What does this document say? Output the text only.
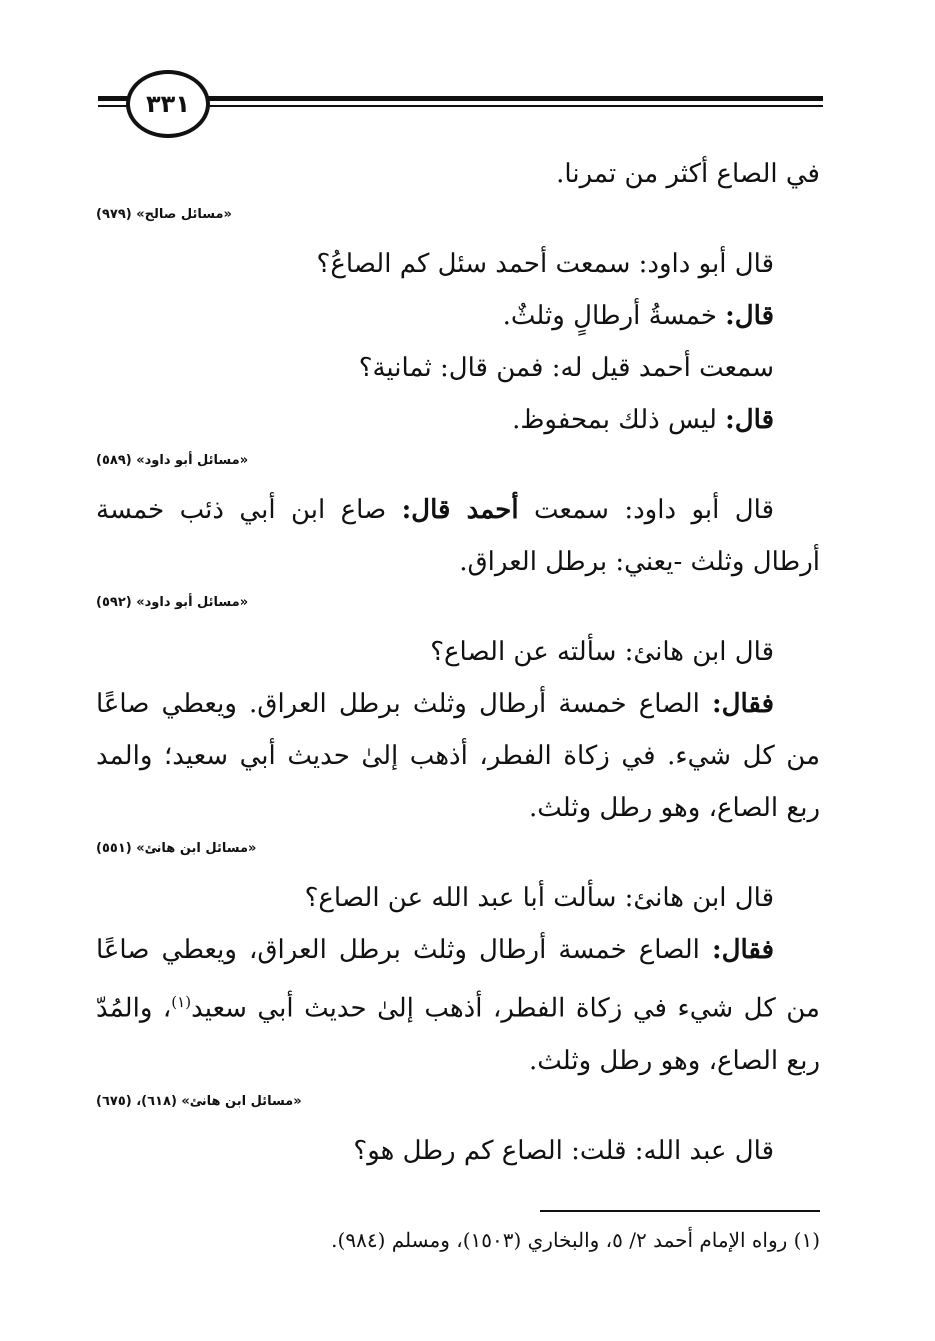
٣٣١

في الصاع أكثر من تمرنا.

«مسائل صالح» (٩٧٩)

قال أبو داود: سمعت أحمد سئل كم الصاعُ؟

قال: خمسةُ أرطالٍ وثلثٌ.

سمعت أحمد قيل له: فمن قال: ثمانية؟

قال: ليس ذلك بمحفوظ.

«مسائل أبو داود» (٥٨٩)

قال أبو داود: سمعت أحمد قال: صاع ابن أبي ذئب خمسة أرطال وثلث -يعني: برطل العراق.

«مسائل أبو داود» (٥٩٢)

قال ابن هانئ: سألته عن الصاع؟

فقال: الصاع خمسة أرطال وثلث برطل العراق. ويعطي صاعًا من كل شيء. في زكاة الفطر، أذهب إلىٰ حديث أبي سعيد؛ والمد ربع الصاع، وهو رطل وثلث.

«مسائل ابن هانئ» (٥٥١)

قال ابن هانئ: سألت أبا عبد الله عن الصاع؟

فقال: الصاع خمسة أرطال وثلث برطل العراق، ويعطي صاعًا من كل شيء في زكاة الفطر، أذهب إلىٰ حديث أبي سعيد$^{(١)}$، والمُدّ ربع الصاع، وهو رطل وثلث.

«مسائل ابن هانئ» (٦١٨)، (٦٧٥)

قال عبد الله: قلت: الصاع كم رطل هو؟

(١) رواه الإمام أحمد ٢/ ٥، والبخاري (١٥٠٣)، ومسلم (٩٨٤).
